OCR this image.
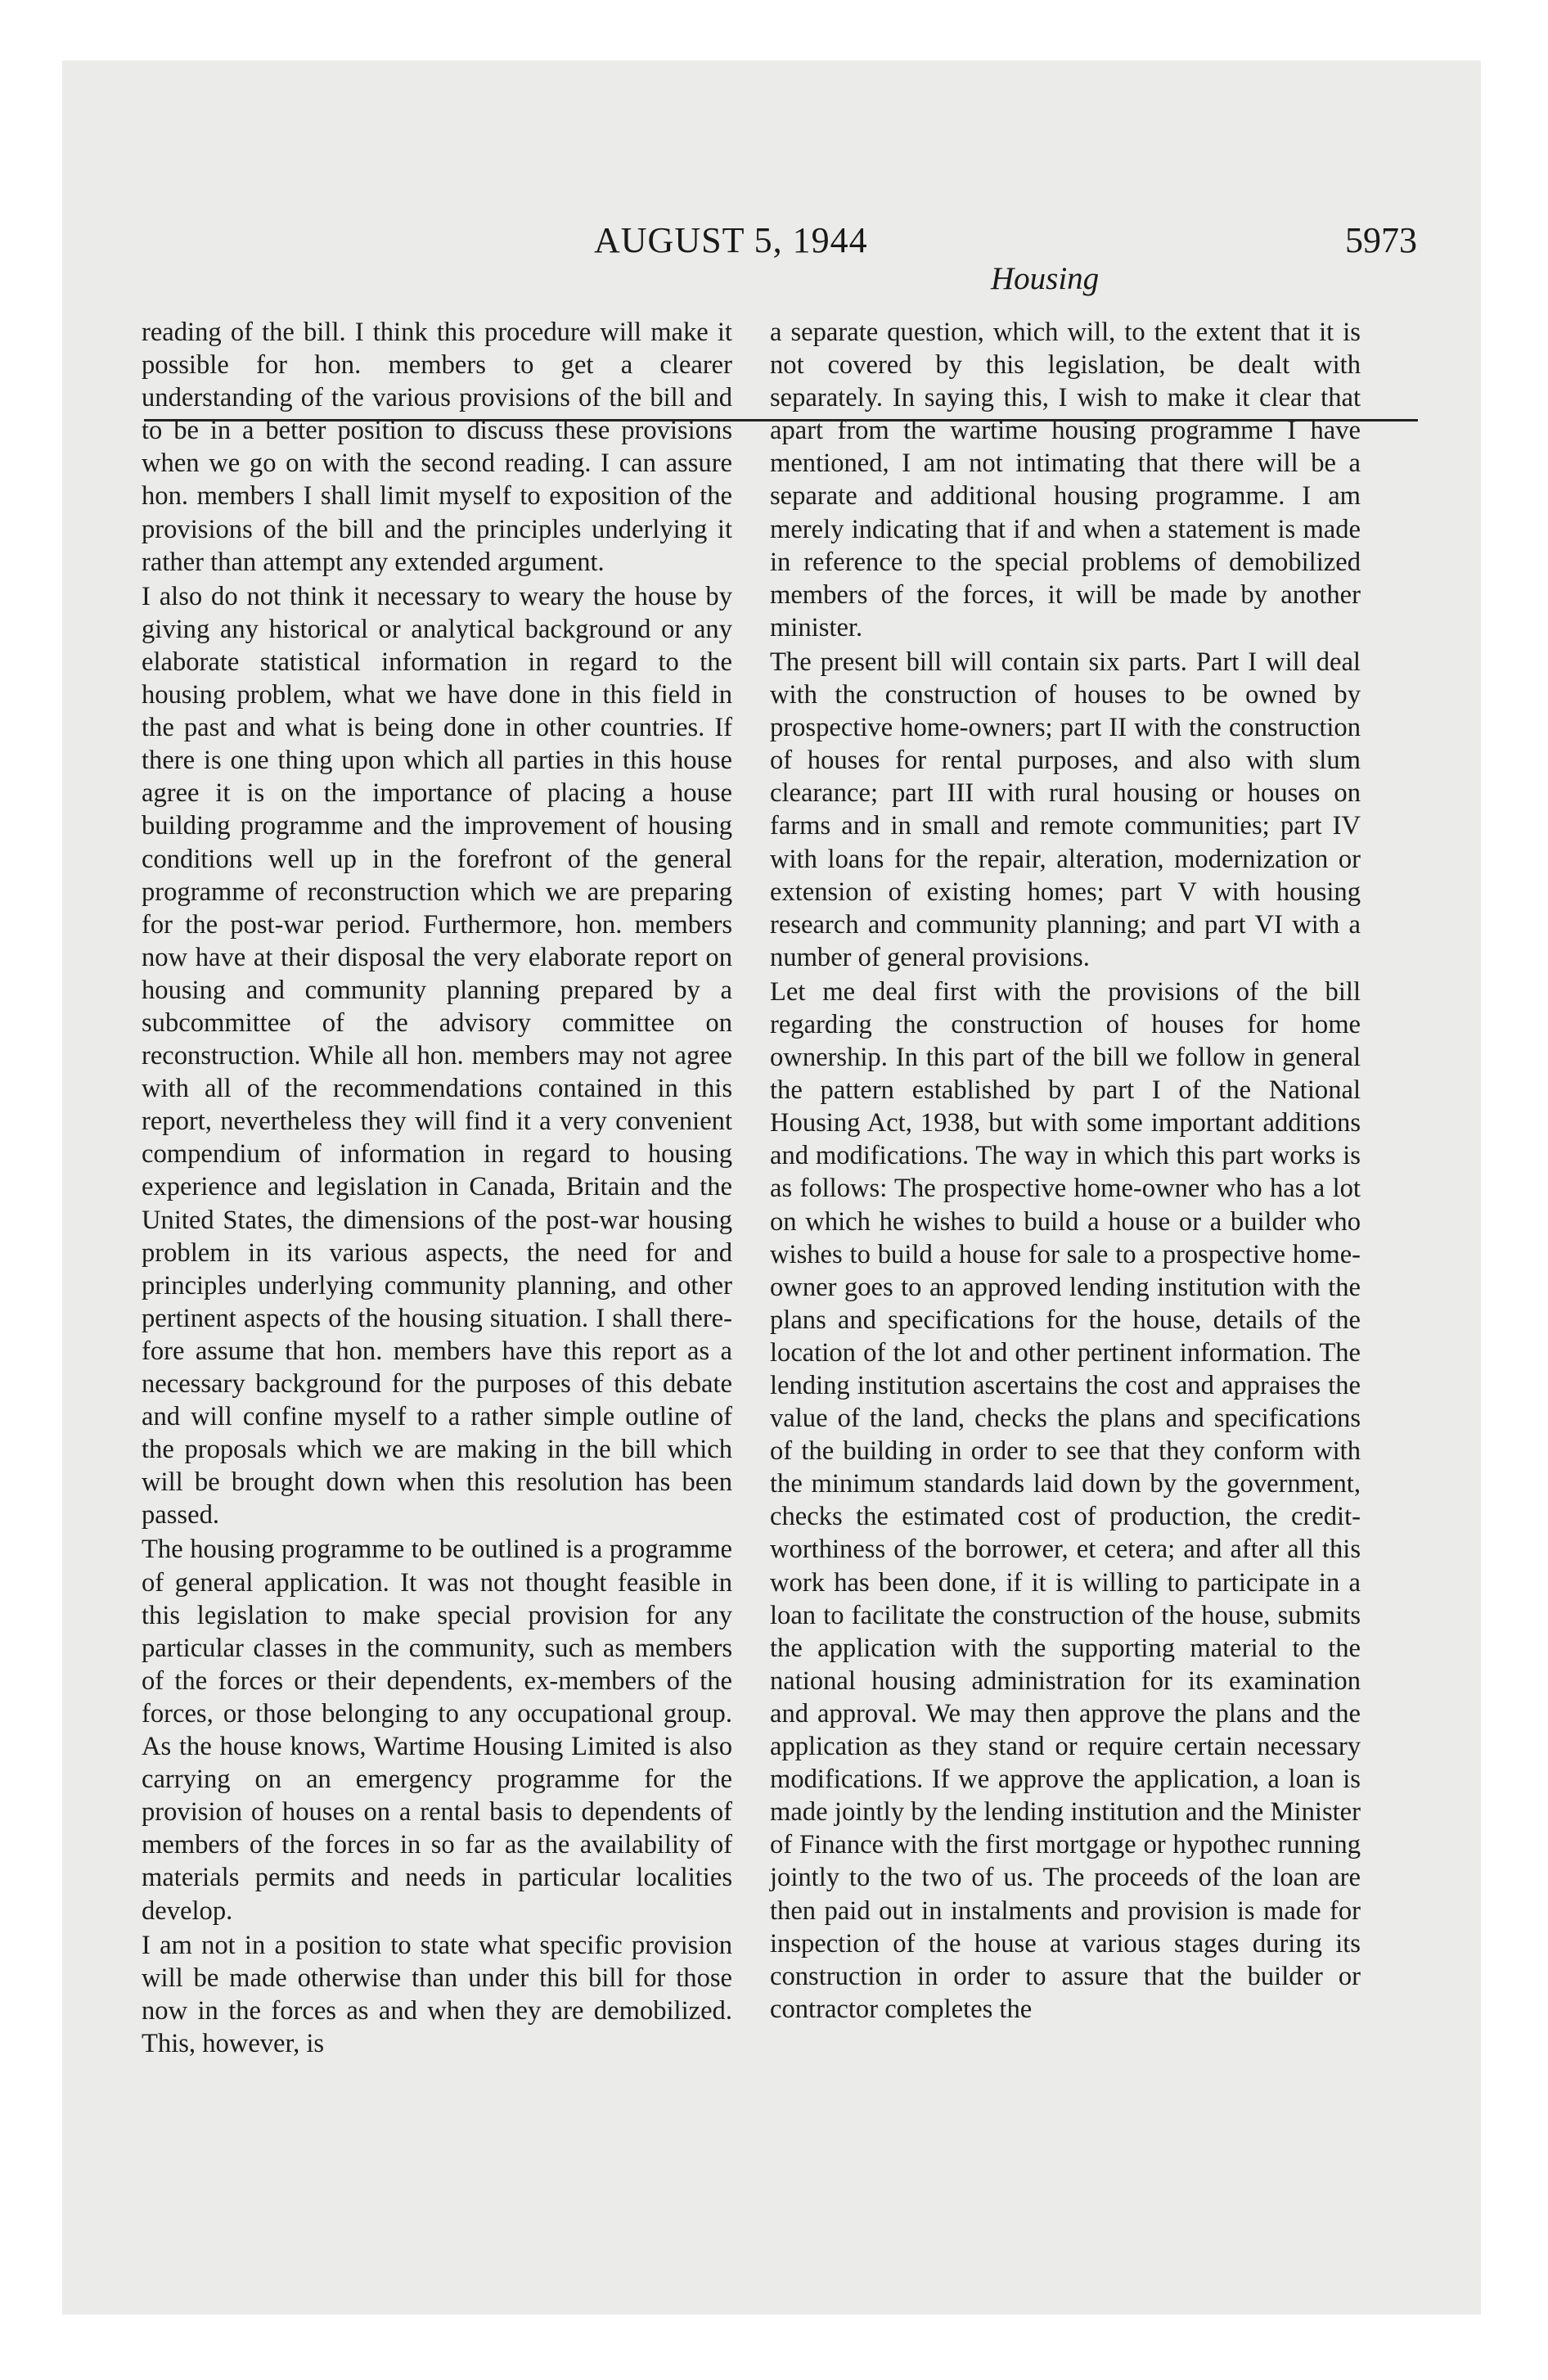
AUGUST 5, 1944	5973
Housing

reading of the bill. I think this procedure will make it possible for hon. members to get a clearer understanding of the various provisions of the bill and to be in a better position to discuss these provisions when we go on with the second reading. I can assure hon. members I shall limit myself to exposition of the provisions of the bill and the principles underlying it rather than attempt any extended argument.

I also do not think it necessary to weary the house by giving any historical or analytical background or any elaborate statistical information in regard to the housing problem, what we have done in this field in the past and what is being done in other countries. If there is one thing upon which all parties in this house agree it is on the importance of placing a house building programme and the improvement of housing conditions well up in the forefront of the general programme of reconstruction which we are preparing for the post-war period. Furthermore, hon. members now have at their disposal the very elaborate report on housing and community planning prepared by a subcommittee of the advisory committee on reconstruction. While all hon. members may not agree with all of the recommendations contained in this report, nevertheless they will find it a very convenient compendium of information in regard to housing experience and legislation in Canada, Britain and the United States, the dimensions of the post-war housing problem in its various aspects, the need for and principles underlying community planning, and other pertinent aspects of the housing situation. I shall therefore assume that hon. members have this report as a necessary background for the purposes of this debate and will confine myself to a rather simple outline of the proposals which we are making in the bill which will be brought down when this resolution has been passed.

The housing programme to be outlined is a programme of general application. It was not thought feasible in this legislation to make special provision for any particular classes in the community, such as members of the forces or their dependents, ex-members of the forces, or those belonging to any occupational group. As the house knows, Wartime Housing Limited is also carrying on an emergency programme for the provision of houses on a rental basis to dependents of members of the forces in so far as the availability of materials permits and needs in particular localities develop.

I am not in a position to state what specific provision will be made otherwise than under this bill for those now in the forces as and when they are demobilized. This, however, is

a separate question, which will, to the extent that it is not covered by this legislation, be dealt with separately. In saying this, I wish to make it clear that apart from the wartime housing programme I have mentioned, I am not intimating that there will be a separate and additional housing programme. I am merely indicating that if and when a statement is made in reference to the special problems of demobilized members of the forces, it will be made by another minister.

The present bill will contain six parts. Part I will deal with the construction of houses to be owned by prospective home-owners; part II with the construction of houses for rental purposes, and also with slum clearance; part III with rural housing or houses on farms and in small and remote communities; part IV with loans for the repair, alteration, modernization or extension of existing homes; part V with housing research and community planning; and part VI with a number of general provisions.

Let me deal first with the provisions of the bill regarding the construction of houses for home ownership. In this part of the bill we follow in general the pattern established by part I of the National Housing Act, 1938, but with some important additions and modifications. The way in which this part works is as follows: The prospective home-owner who has a lot on which he wishes to build a house or a builder who wishes to build a house for sale to a prospective home-owner goes to an approved lending institution with the plans and specifications for the house, details of the location of the lot and other pertinent information. The lending institution ascertains the cost and appraises the value of the land, checks the plans and specifications of the building in order to see that they conform with the minimum standards laid down by the government, checks the estimated cost of production, the credit-worthiness of the borrower, et cetera; and after all this work has been done, if it is willing to participate in a loan to facilitate the construction of the house, submits the application with the supporting material to the national housing administration for its examination and approval. We may then approve the plans and the application as they stand or require certain necessary modifications. If we approve the application, a loan is made jointly by the lending institution and the Minister of Finance with the first mortgage or hypothec running jointly to the two of us. The proceeds of the loan are then paid out in instalments and provision is made for inspection of the house at various stages during its construction in order to assure that the builder or contractor completes the
